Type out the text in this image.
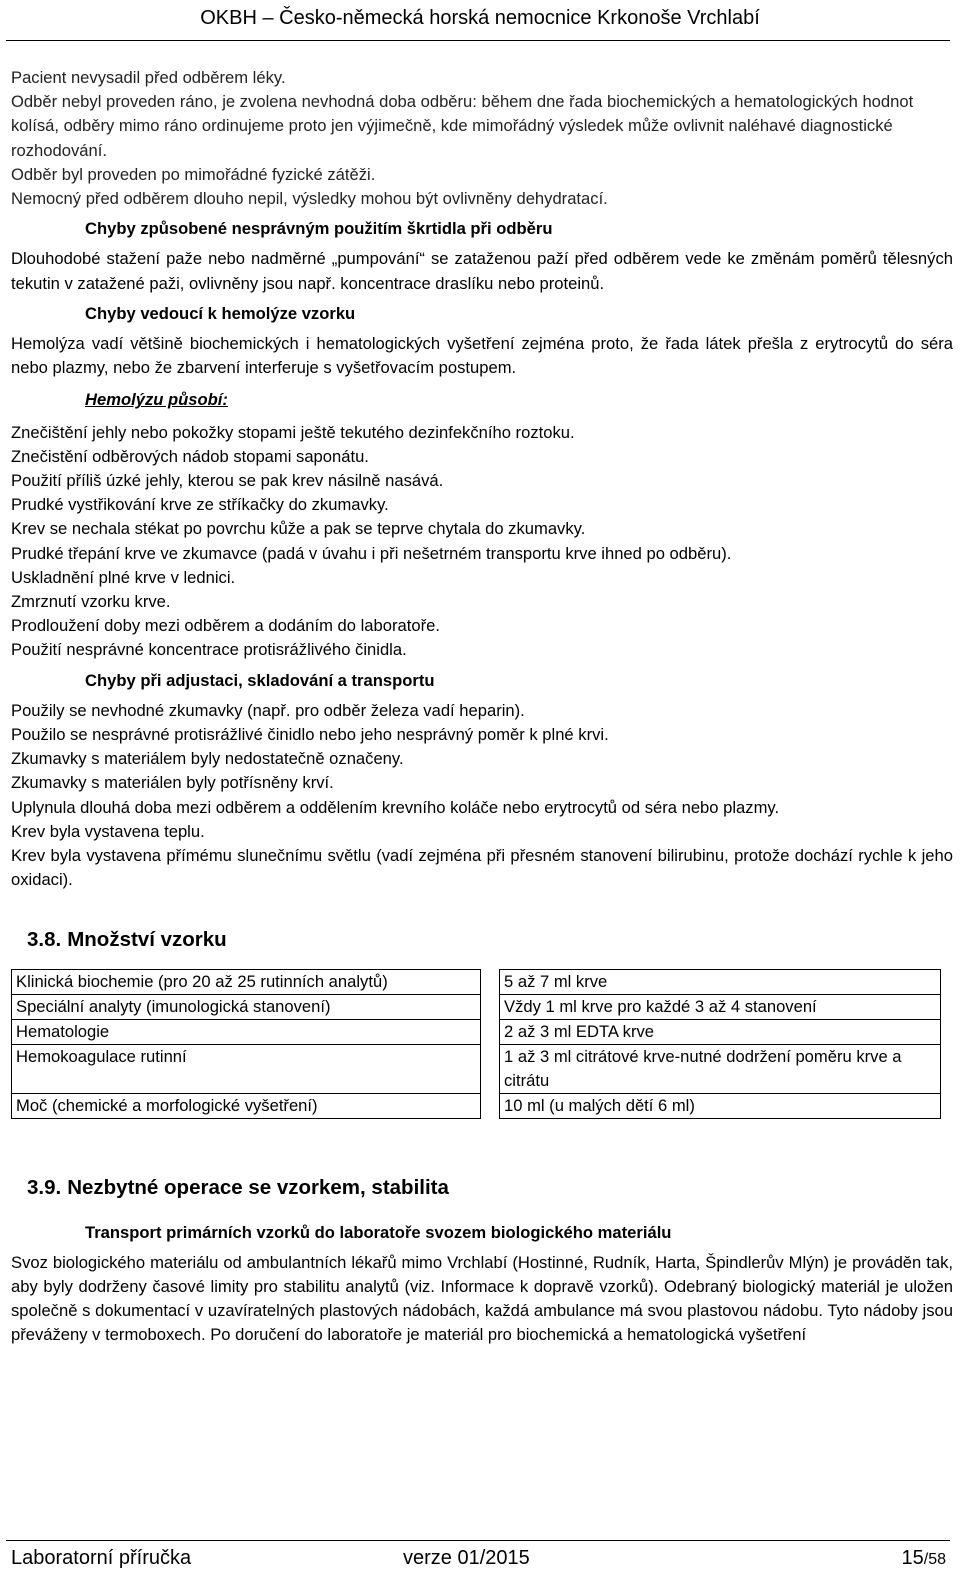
OKBH – Česko-německá horská nemocnice Krkonoše Vrchlabí

Pacient nevysadil před odběrem léky.

Odběr nebyl proveden ráno, je zvolena nevhodná doba odběru: během dne řada biochemických a hematologických hodnot kolísá, odběry mimo ráno ordinujeme proto jen výjimečně, kde mimořádný výsledek může ovlivnit naléhavé diagnostické rozhodování.

Odběr byl proveden po mimořádné fyzické zátěži.

Nemocný před odběrem dlouho nepil, výsledky mohou být ovlivněny dehydratací.

Chyby způsobené nesprávným použitím škrtidla při odběru

Dlouhodobé stažení paže nebo nadměrné „pumpování“ se zataženou paží před odběrem vede ke změnám poměrů tělesných tekutin v zatažené paži, ovlivněny jsou např. koncentrace draslíku nebo proteinů.

Chyby vedoucí k hemolýze vzorku

Hemolýza vadí většině biochemických i hematologických vyšetření zejména proto, že řada látek přešla z erytrocytů do séra nebo plazmy, nebo že zbarvení interferuje s vyšetřovacím postupem.

Hemolýzu působí:

Znečištění jehly nebo pokožky stopami ještě tekutého dezinfekčního roztoku.

Znečistění odběrových nádob stopami saponátu.

Použití příliš úzké jehly, kterou se pak krev násilně nasává.

Prudké vystřikování krve ze stříkačky do zkumavky.

Krev se nechala stékat po povrchu kůže a pak se teprve chytala do zkumavky.

Prudké třepání krve ve zkumavce (padá v úvahu i při nešetrném transportu krve ihned po odběru).

Uskladnění plné krve v lednici.

Zmrznutí vzorku krve.

Prodloužení doby mezi odběrem a dodáním do laboratoře.

Použití nesprávné koncentrace protisrážlivého činidla.

Chyby při adjustaci, skladování a transportu

Použily se nevhodné zkumavky (např. pro odběr železa vadí heparin).

Použilo se nesprávné protisrážlivé činidlo nebo jeho nesprávný poměr k plné krvi.

Zkumavky s materiálem byly nedostatečně označeny.

Zkumavky s materiálen byly potřísněny krví.

Uplynula dlouhá doba mezi odběrem a oddělením krevního koláče nebo erytrocytů od séra nebo plazmy.

Krev byla vystavena teplu.

Krev byla vystavena přímému slunečnímu světlu (vadí zejména při přesném stanovení bilirubinu, protože dochází rychle k jeho oxidaci).

3.8. Množství vzorku
Klinická biochemie (pro 20 až 25 rutinních analytů)		5 až 7 ml krve
Speciální analyty (imunologická stanovení)		Vždy 1 ml krve pro každé 3 až 4 stanovení
Hematologie		2 až 3 ml EDTA krve
Hemokoagulace rutinní		1 až 3 ml citrátové krve-nutné dodržení poměru krve a citrátu
Moč (chemické a morfologické vyšetření)		10 ml (u malých dětí 6 ml)
3.9. Nezbytné operace se vzorkem, stabilita
Transport primárních vzorků do laboratoře svozem biologického materiálu

Svoz biologického materiálu od ambulantních lékařů mimo Vrchlabí (Hostinné, Rudník, Harta, Špindlerův Mlýn) je prováděn tak, aby byly dodrženy časové limity pro stabilitu analytů (viz. Informace k dopravě vzorků). Odebraný biologický materiál je uložen společně s dokumentací v uzavíratelných plastových nádobách, každá ambulance má svou plastovou nádobu. Tyto nádoby jsou převáženy v termoboxech. Po doručení do laboratoře je materiál pro biochemická a hematologická vyšetření

Laboratorní příručka	verze 01/2015	15/58
